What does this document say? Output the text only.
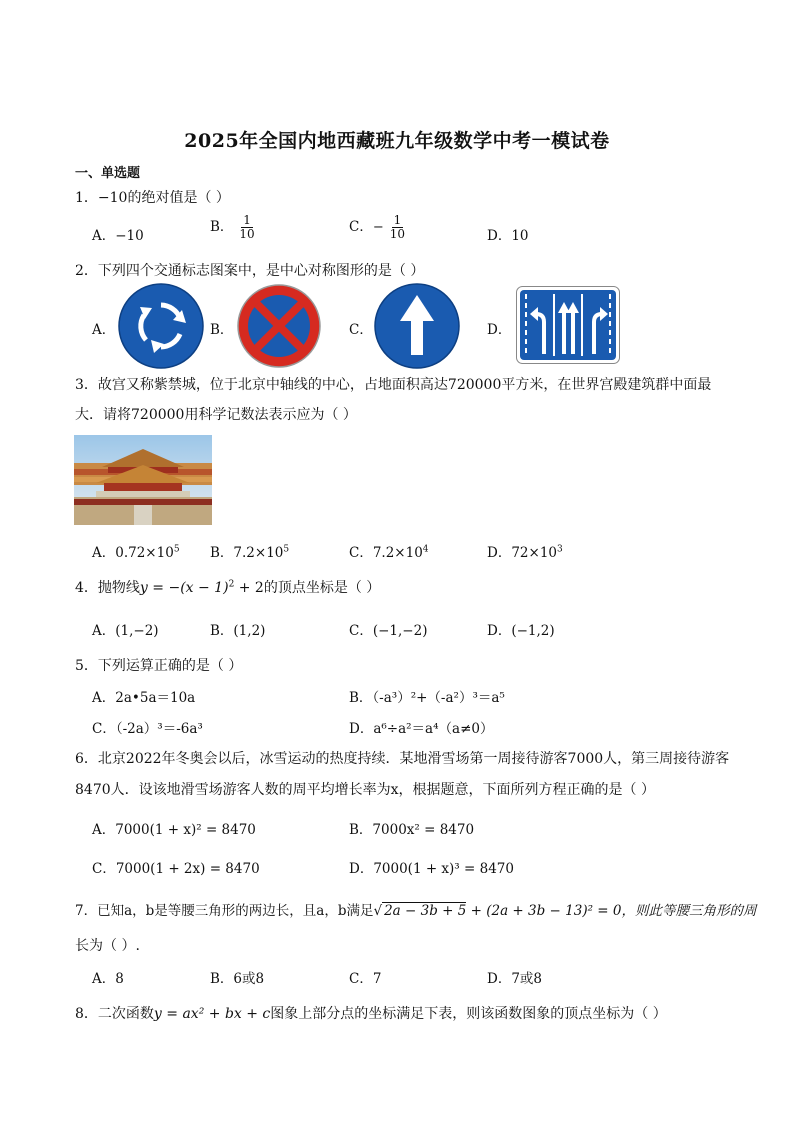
2025年全国内地西藏班九年级数学中考一模试卷
一、单选题
1．−10的绝对值是（ ）
A．−10
B． $\frac{1}{10}$	C．− $\frac{1}{10}$	D．10
2．下列四个交通标志图案中，是中心对称图形的是（ ）
A．	B．	C．	D．
3．故宫又称紫禁城，位于北京中轴线的中心，占地面积高达720000平方米，在世界宫殿建筑群中面最
大．请将720000用科学记数法表示应为（ ）
A．$0.72\times 10^5$ B．$7.2\times 10^5$	C．$7.2\times 10^4$	D．$72\times 10^3$
4．抛物线$y = -(x - 1)^2 + 2$的顶点坐标是（ ）
A．(1,−2)	B．(1,2)	C．(−1,−2)	D．(−1,2)
5．下列运算正确的是（ ）
A．2a•5a＝10a	B．（-a³）²+（-a²）³＝a⁵
C．（-2a）³＝-6a³	D．a⁶÷a²＝a⁴（a≠0）
6．北京2022年冬奥会以后，冰雪运动的热度持续．某地滑雪场第一周接待游客7000人，第三周接待游客
8470人．设该地滑雪场游客人数的周平均增长率为x，根据题意，下面所列方程正确的是（ ）
A．7000(1 + x)² = 8470	B．7000x² = 8470
C．7000(1 + 2x) = 8470	D．7000(1 + x)³ = 8470
7．已知a，b是等腰三角形的两边长，且a，b满足√ 2a − 3b + 5 + (2a + 3b − 13)² = 0，则此等腰三角形的周
长为（ ）.
A．8	B．6或8	C．7	D．7或8
8．二次函数y = ax² + bx + c图象上部分点的坐标满足下表，则该函数图象的顶点坐标为（ ）
